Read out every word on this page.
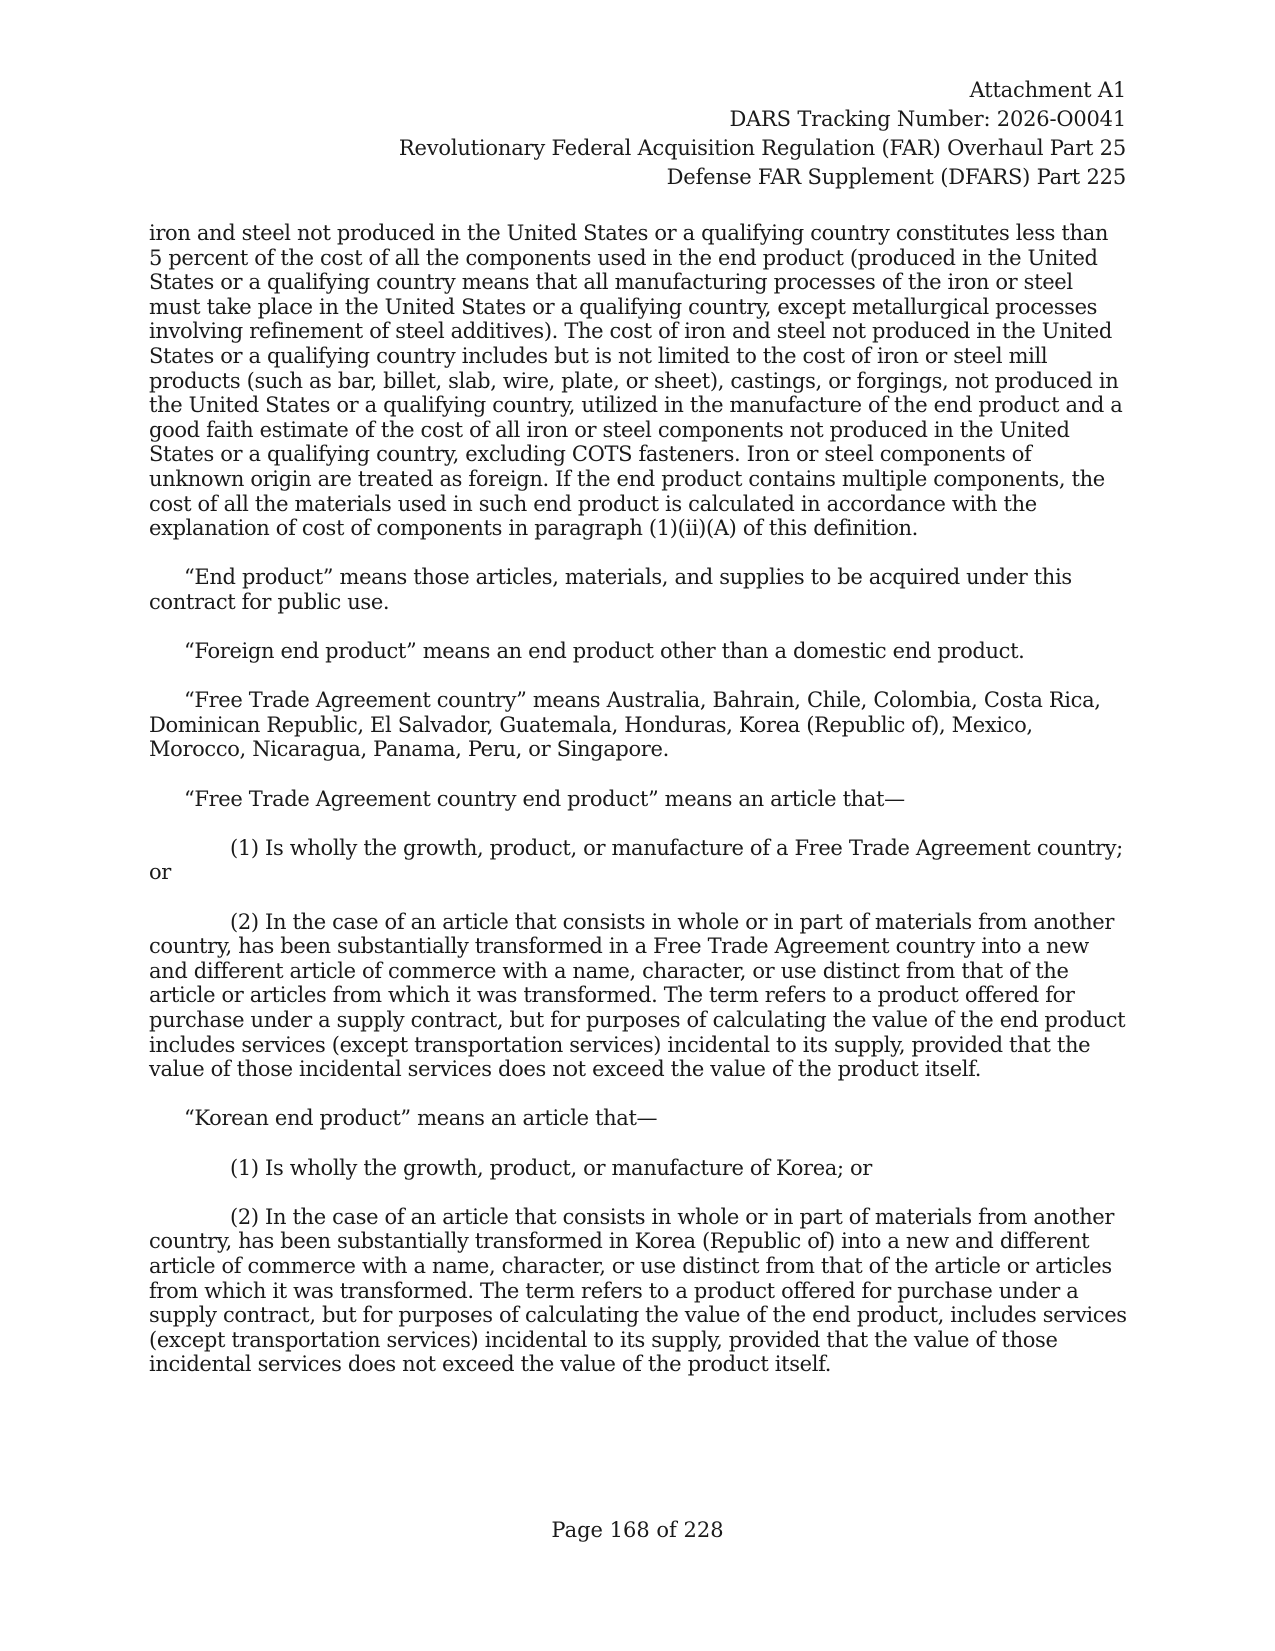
Attachment A1
DARS Tracking Number: 2026-O0041
Revolutionary Federal Acquisition Regulation (FAR) Overhaul Part 25
Defense FAR Supplement (DFARS) Part 225

iron and steel not produced in the United States or a qualifying country constitutes less than 5 percent of the cost of all the components used in the end product (produced in the United States or a qualifying country means that all manufacturing processes of the iron or steel must take place in the United States or a qualifying country, except metallurgical processes involving refinement of steel additives). The cost of iron and steel not produced in the United States or a qualifying country includes but is not limited to the cost of iron or steel mill products (such as bar, billet, slab, wire, plate, or sheet), castings, or forgings, not produced in the United States or a qualifying country, utilized in the manufacture of the end product and a good faith estimate of the cost of all iron or steel components not produced in the United States or a qualifying country, excluding COTS fasteners. Iron or steel components of unknown origin are treated as foreign. If the end product contains multiple components, the cost of all the materials used in such end product is calculated in accordance with the explanation of cost of components in paragraph (1)(ii)(A) of this definition.

“End product” means those articles, materials, and supplies to be acquired under this contract for public use.

“Foreign end product” means an end product other than a domestic end product.

“Free Trade Agreement country” means Australia, Bahrain, Chile, Colombia, Costa Rica, Dominican Republic, El Salvador, Guatemala, Honduras, Korea (Republic of), Mexico, Morocco, Nicaragua, Panama, Peru, or Singapore.

“Free Trade Agreement country end product” means an article that—

(1) Is wholly the growth, product, or manufacture of a Free Trade Agreement country; or

(2) In the case of an article that consists in whole or in part of materials from another country, has been substantially transformed in a Free Trade Agreement country into a new and different article of commerce with a name, character, or use distinct from that of the article or articles from which it was transformed. The term refers to a product offered for purchase under a supply contract, but for purposes of calculating the value of the end product includes services (except transportation services) incidental to its supply, provided that the value of those incidental services does not exceed the value of the product itself.

“Korean end product” means an article that—

(1) Is wholly the growth, product, or manufacture of Korea; or

(2) In the case of an article that consists in whole or in part of materials from another country, has been substantially transformed in Korea (Republic of) into a new and different article of commerce with a name, character, or use distinct from that of the article or articles from which it was transformed. The term refers to a product offered for purchase under a supply contract, but for purposes of calculating the value of the end product, includes services (except transportation services) incidental to its supply, provided that the value of those incidental services does not exceed the value of the product itself.

Page 168 of 228
